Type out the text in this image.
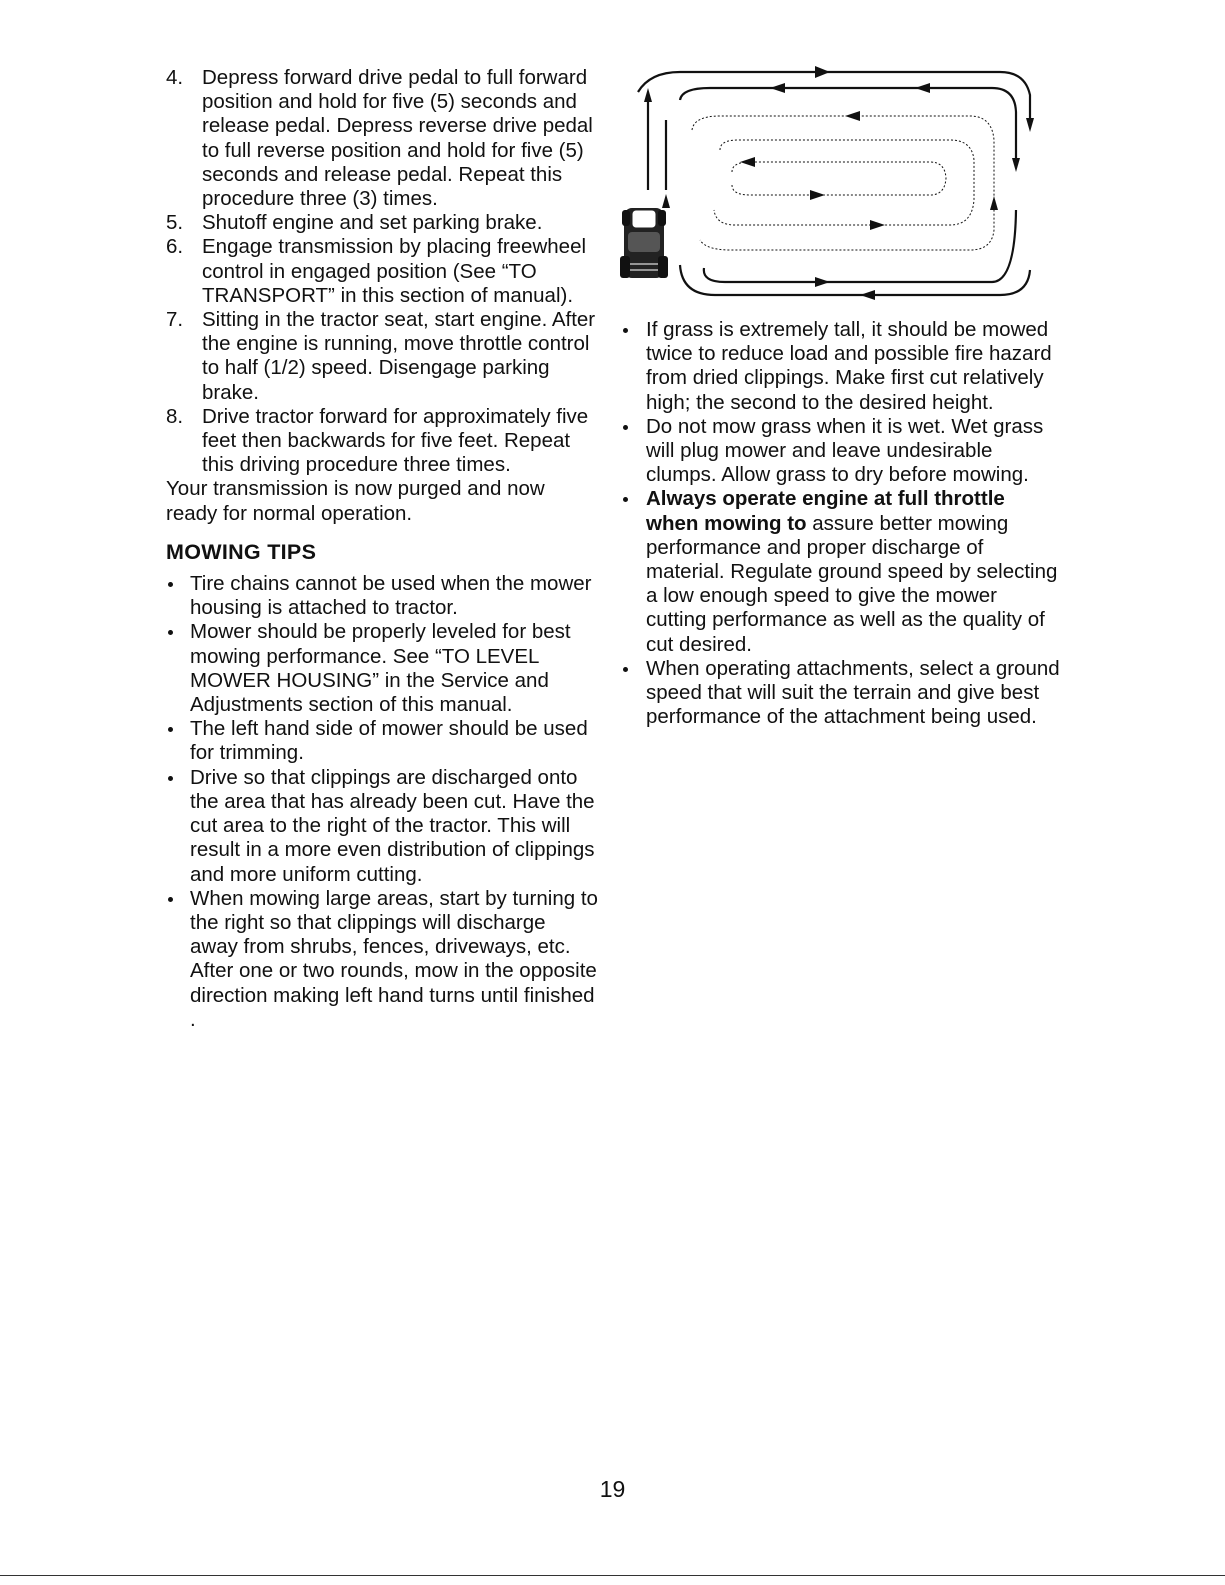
4. Depress forward drive pedal to full forward position and hold for five (5) seconds and release pedal. Depress reverse drive pedal to full reverse position and hold for five (5) seconds and release pedal. Repeat this procedure three (3) times.
5. Shutoff engine and set parking brake.
6. Engage transmission by placing freewheel control in engaged position (See “TO TRANSPORT” in this section of manual).
7. Sitting in the tractor seat, start engine. After the engine is running, move throttle control to half (1/2) speed. Disengage parking brake.
8. Drive tractor forward for approximately five feet then backwards for five feet. Repeat this driving procedure three times.

Your transmission is now purged and now ready for normal operation.

MOWING TIPS
Tire chains cannot be used when the mower housing is attached to tractor.
Mower should be properly leveled for best mowing performance. See “TO LEVEL MOWER HOUSING” in the Service and Adjustments section of this manual.
The left hand side of mower should be used for trimming.
Drive so that clippings are discharged onto the area that has already been cut. Have the cut area to the right of the tractor. This will result in a more even distribution of clippings and more uniform cutting.
When mowing large areas, start by turning to the right so that clippings will discharge away from shrubs, fences, driveways, etc. After one or two rounds, mow in the opposite direction making left hand turns until finished .
If grass is extremely tall, it should be mowed twice to reduce load and possible fire hazard from dried clippings. Make first cut relatively high; the second to the desired height.
Do not mow grass when it is wet. Wet grass will plug mower and leave undesirable clumps. Allow grass to dry before mowing.
Always operate engine at full throttle when mowing to assure better mowing performance and proper discharge of material. Regulate ground speed by selecting a low enough speed to give the mower cutting performance as well as the quality of cut desired.
When operating attachments, select a ground speed that will suit the terrain and give best performance of the attachment being used.
19
